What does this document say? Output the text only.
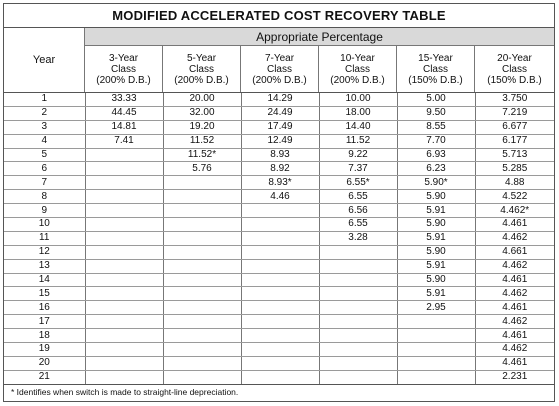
MODIFIED ACCELERATED COST RECOVERY TABLE
Year
Appropriate Percentage
3-Year
Class
(200% D.B.)
5-Year
Class
(200% D.B.)
7-Year
Class
(200% D.B.)
10-Year
Class
(200% D.B.)
15-Year
Class
(150% D.B.)
20-Year
Class
(150% D.B.)
1	33.33	20.00	14.29	10.00	5.00	3.750
2	44.45	32.00	24.49	18.00	9.50	7.219
3	14.81	19.20	17.49	14.40	8.55	6.677
4	7.41	11.52	12.49	11.52	7.70	6.177
5		11.52*	8.93	9.22	6.93	5.713
6		5.76	8.92	7.37	6.23	5.285
7			8.93*	6.55*	5.90*	4.88
8			4.46	6.55	5.90	4.522
9				6.56	5.91	4.462*
10				6.55	5.90	4.461
11				3.28	5.91	4.462
12					5.90	4.661
13					5.91	4.462
14					5.90	4.461
15					5.91	4.462
16					2.95	4.461
17						4.462
18						4.461
19						4.462
20						4.461
21						2.231
* Identifies when switch is made to straight-line depreciation.
